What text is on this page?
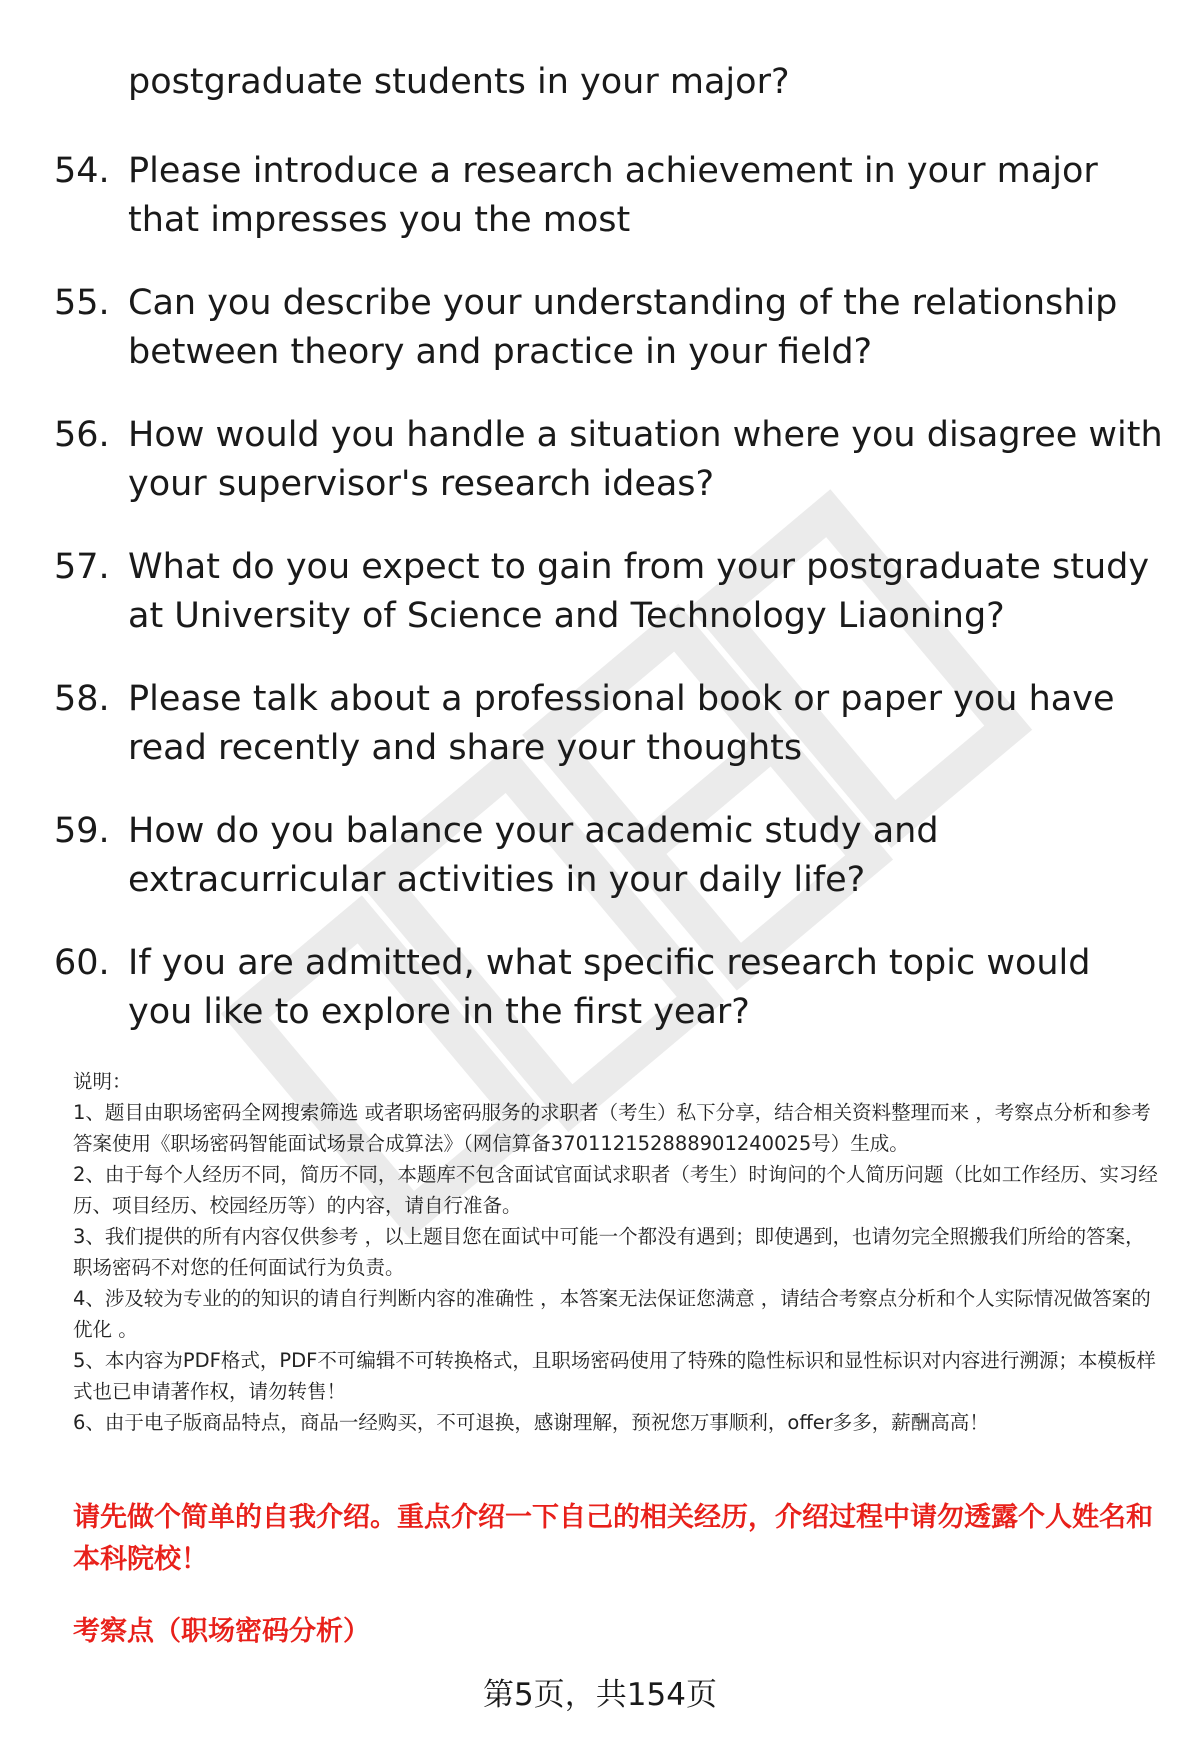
postgraduate students in your major?
54. Please introduce a research achievement in your major that impresses you the most
55. Can you describe your understanding of the relationship between theory and practice in your field?
56. How would you handle a situation where you disagree with your supervisor's research ideas?
57. What do you expect to gain from your postgraduate study at University of Science and Technology Liaoning?
58. Please talk about a professional book or paper you have read recently and share your thoughts
59. How do you balance your academic study and extracurricular activities in your daily life?
60. If you are admitted, what specific research topic would you like to explore in the first year?

说明：

1、题目由职场密码全网搜索筛选 或者职场密码服务的求职者（考生）私下分享，结合相关资料整理而来 ，考察点分析和参考答案使用《职场密码智能面试场景合成算法》（网信算备370112152888901240025号）生成。

2、由于每个人经历不同，简历不同，本题库不包含面试官面试求职者（考生）时询问的个人简历问题（比如工作经历、实习经历、项目经历、校园经历等）的内容，请自行准备。

3、我们提供的所有内容仅供参考 ，以上题目您在面试中可能一个都没有遇到；即使遇到，也请勿完全照搬我们所给的答案，职场密码不对您的任何面试行为负责。

4、涉及较为专业的的知识的请自行判断内容的准确性 ，本答案无法保证您满意 ，请结合考察点分析和个人实际情况做答案的优化 。

5、本内容为PDF格式，PDF不可编辑不可转换格式，且职场密码使用了特殊的隐性标识和显性标识对内容进行溯源；本模板样式也已申请著作权，请勿转售！

6、由于电子版商品特点，商品一经购买，不可退换，感谢理解，预祝您万事顺利，offer多多，薪酬高高！

请先做个简单的自我介绍。重点介绍一下自己的相关经历，介绍过程中请勿透露个人姓名和本科院校！

考察点（职场密码分析）

第5页，共154页
